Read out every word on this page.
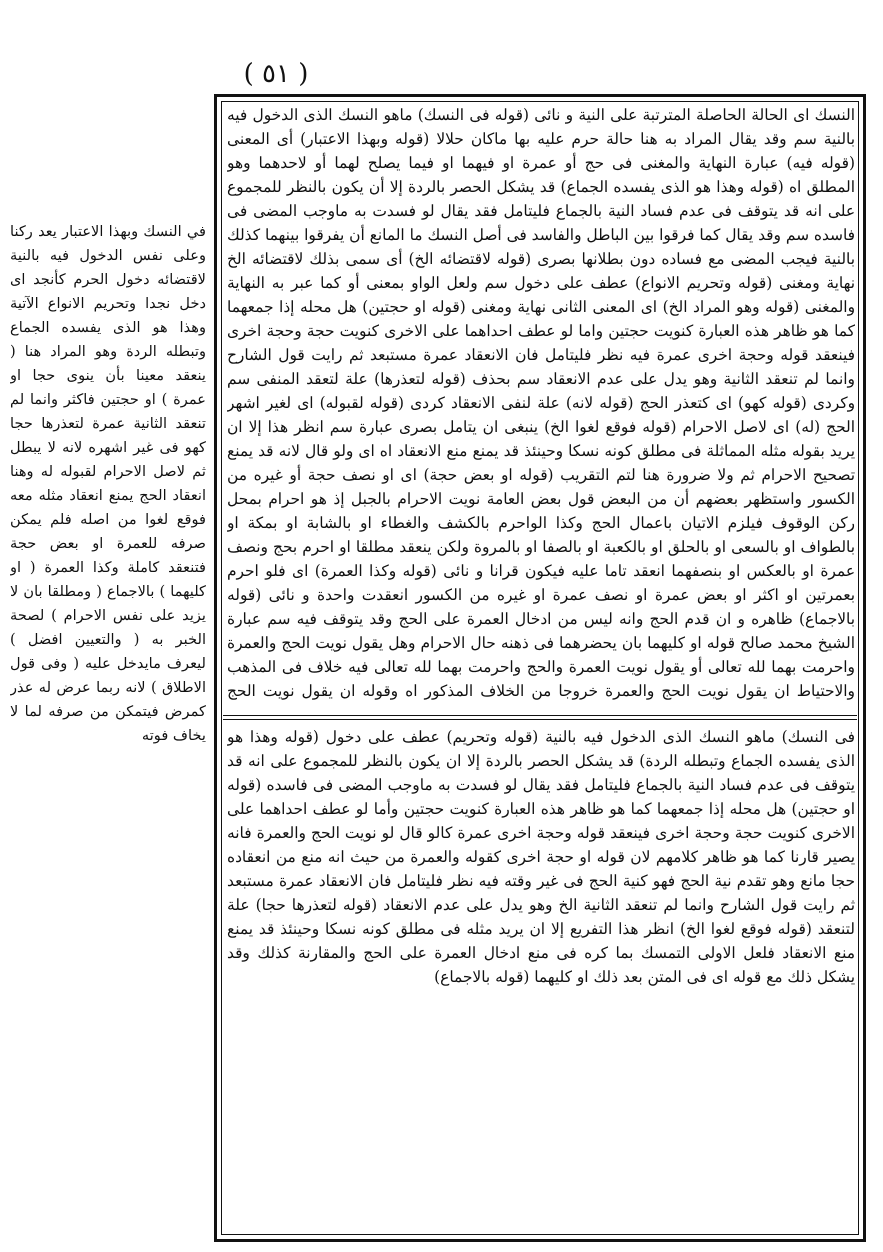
( ٥١ )

في النسك وبهذا الاعتبار يعد ركنا وعلى نفس الدخول فيه بالنية لاقتضائه دخول الحرم كأنجد اى دخل نجدا وتحريم الانواع الآتية وهذا هو الذى يفسده الجماع وتبطله الردة وهو المراد هنا ( ينعقد معينا بأن ينوى حجا او عمرة ) او حجتين فاكثر وانما لم تنعقد الثانية عمرة لتعذرها حجا كهو فى غير اشهره لانه لا يبطل ثم لاصل الاحرام لقبوله له وهنا انعقاد الحج يمنع انعقاد مثله معه فوقع لغوا من اصله فلم يمكن صرفه للعمرة او بعض حجة فتنعقد كاملة وكذا العمرة ( او كليهما ) بالاجماع ( ومطلقا بان لا يزيد على نفس الاحرام ) لصحة الخبر به ( والتعيين افضل ) ليعرف مايدخل عليه ( وفى قول الاطلاق ) لانه ربما عرض له عذر كمرض فيتمكن من صرفه لما لا يخاف فوته

النسك اى الحالة الحاصلة المترتبة على النية و نائى (قوله فى النسك) ماهو النسك الذى الدخول فيه بالنية سم وقد يقال المراد به هنا حالة حرم عليه بها ماكان حلالا (قوله وبهذا الاعتبار) أى المعنى (قوله فيه) عبارة النهاية والمغنى فى حج أو عمرة او فيهما او فيما يصلح لهما أو لاحدهما وهو المطلق اه (قوله وهذا هو الذى يفسده الجماع) قد يشكل الحصر بالردة إلا أن يكون بالنظر للمجموع على انه قد يتوقف فى عدم فساد النية بالجماع فليتامل فقد يقال لو فسدت به ماوجب المضى فى فاسده سم وقد يقال كما فرقوا بين الباطل والفاسد فى أصل النسك ما المانع أن يفرقوا بينهما كذلك بالنية فيجب المضى مع فساده دون بطلانها بصرى (قوله لاقتضائه الخ) أى سمى بذلك لاقتضائه الخ نهاية ومغنى (قوله وتحريم الانواع) عطف على دخول سم ولعل الواو بمعنى أو كما عبر به النهاية والمغنى (قوله وهو المراد الخ) اى المعنى الثانى نهاية ومغنى (قوله او حجتين) هل محله إذا جمعهما كما هو ظاهر هذه العبارة كنويت حجتين واما لو عطف احداهما على الاخرى كنويت حجة وحجة اخرى فينعقد قوله وحجة اخرى عمرة فيه نظر فليتامل فان الانعقاد عمرة مستبعد ثم رايت قول الشارح وانما لم تنعقد الثانية وهو يدل على عدم الانعقاد سم بحذف (قوله لتعذرها) علة لتعقد المنفى سم وكردى (قوله كهو) اى كتعذر الحج (قوله لانه) علة لنفى الانعقاد كردى (قوله لقبوله) اى لغير اشهر الحج (له) اى لاصل الاحرام (قوله فوقع لغوا الخ) ينبغى ان يتامل بصرى عبارة سم انظر هذا إلا ان يريد بقوله مثله المماثلة فى مطلق كونه نسكا وحينئذ قد يمنع منع الانعقاد اه اى ولو قال لانه قد يمنع تصحيح الاحرام ثم ولا ضرورة هنا لتم التقريب (قوله او بعض حجة) اى او نصف حجة أو غيره من الكسور واستظهر بعضهم أن من البعض قول بعض العامة نويت الاحرام بالجبل إذ هو احرام بمحل ركن الوقوف فيلزم الاتيان باعمال الحج وكذا الواحرم بالكشف والغطاء او بالشابة او بمكة او بالطواف او بالسعى او بالحلق او بالكعبة او بالصفا او بالمروة ولكن ينعقد مطلقا او احرم بحج ونصف عمرة او بالعكس او بنصفهما انعقد تاما عليه فيكون قرانا و نائى (قوله وكذا العمرة) اى فلو احرم بعمرتين او اكثر او بعض عمرة او نصف عمرة او غيره من الكسور انعقدت واحدة و نائى (قوله بالاجماع) ظاهره و ان قدم الحج وانه ليس من ادخال العمرة على الحج وقد يتوقف فيه سم عبارة الشيخ محمد صالح قوله او كليهما بان يحضرهما فى ذهنه حال الاحرام وهل يقول نويت الحج والعمرة واحرمت بهما لله تعالى أو يقول نويت العمرة والحج واحرمت بهما لله تعالى فيه خلاف فى المذهب والاحتياط ان يقول نويت الحج والعمرة خروجا من الخلاف المذكور اه وقوله ان يقول نويت الحج

فى النسك) ماهو النسك الذى الدخول فيه بالنية (قوله وتحريم) عطف على دخول (قوله وهذا هو الذى يفسده الجماع وتبطله الردة) قد يشكل الحصر بالردة إلا ان يكون بالنظر للمجموع على انه قد يتوقف فى عدم فساد النية بالجماع فليتامل فقد يقال لو فسدت به ماوجب المضى فى فاسده (قوله او حجتين) هل محله إذا جمعهما كما هو ظاهر هذه العبارة كنويت حجتين وأما لو عطف احداهما على الاخرى كنويت حجة وحجة اخرى فينعقد قوله وحجة اخرى عمرة كالو قال لو نويت الحج والعمرة فانه يصير قارنا كما هو ظاهر كلامهم لان قوله او حجة اخرى كقوله والعمرة من حيث انه منع من انعقاده حجا مانع وهو تقدم نية الحج فهو كنية الحج فى غير وقته فيه نظر فليتامل فان الانعقاد عمرة مستبعد ثم رايت قول الشارح وانما لم تنعقد الثانية الخ وهو يدل على عدم الانعقاد (قوله لتعذرها حجا) علة لتنعقد (قوله فوقع لغوا الخ) انظر هذا التفريع إلا ان يريد مثله فى مطلق كونه نسكا وحينئذ قد يمنع منع الانعقاد فلعل الاولى التمسك بما كره فى منع ادخال العمرة على الحج والمقارنة كذلك وقد يشكل ذلك مع قوله اى فى المتن بعد ذلك او كليهما (قوله بالاجماع)
